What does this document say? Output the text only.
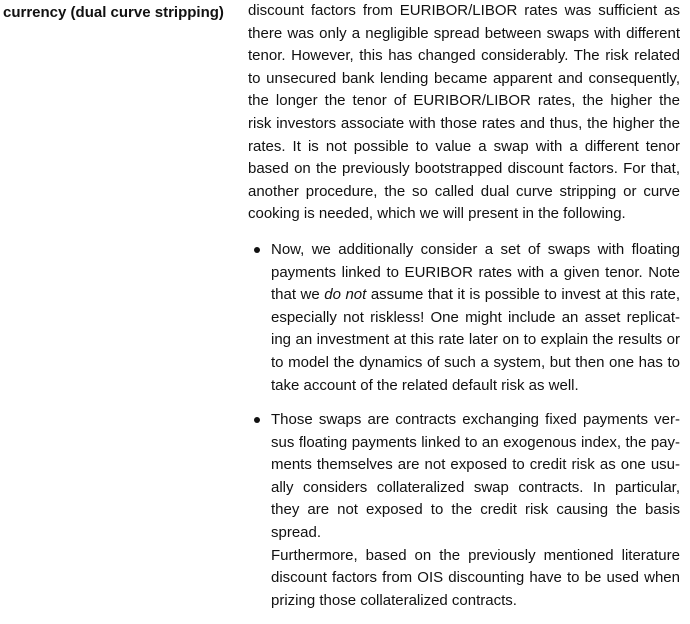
currency (dual curve stripping)	discount factors from EURIBOR/LIBOR rates was sufficient as
there was only a negligible spread between swaps with different
tenor. However, this has changed considerably. The risk related
to unsecured bank lending became apparent and consequently,
the longer the tenor of EURIBOR/LIBOR rates, the higher the
risk investors associate with those rates and thus, the higher the
rates. It is not possible to value a swap with a different tenor
based on the previously bootstrapped discount factors. For that,
another procedure, the so called dual curve stripping or curve
cooking is needed, which we will present in the following.

Now, we additionally consider a set of swaps with floating
payments linked to EURIBOR rates with a given tenor. Note
that we do not assume that it is possible to invest at this rate,
especially not riskless! One might include an asset replicat-
ing an investment at this rate later on to explain the results or
to model the dynamics of such a system, but then one has to
take account of the related default risk as well.
Those swaps are contracts exchanging fixed payments ver-
sus floating payments linked to an exogenous index, the pay-
ments themselves are not exposed to credit risk as one usu-
ally considers collateralized swap contracts. In particular,
they are not exposed to the credit risk causing the basis spread.
Furthermore, based on the previously mentioned literature
discount factors from OIS discounting have to be used when
prizing those collateralized contracts.
